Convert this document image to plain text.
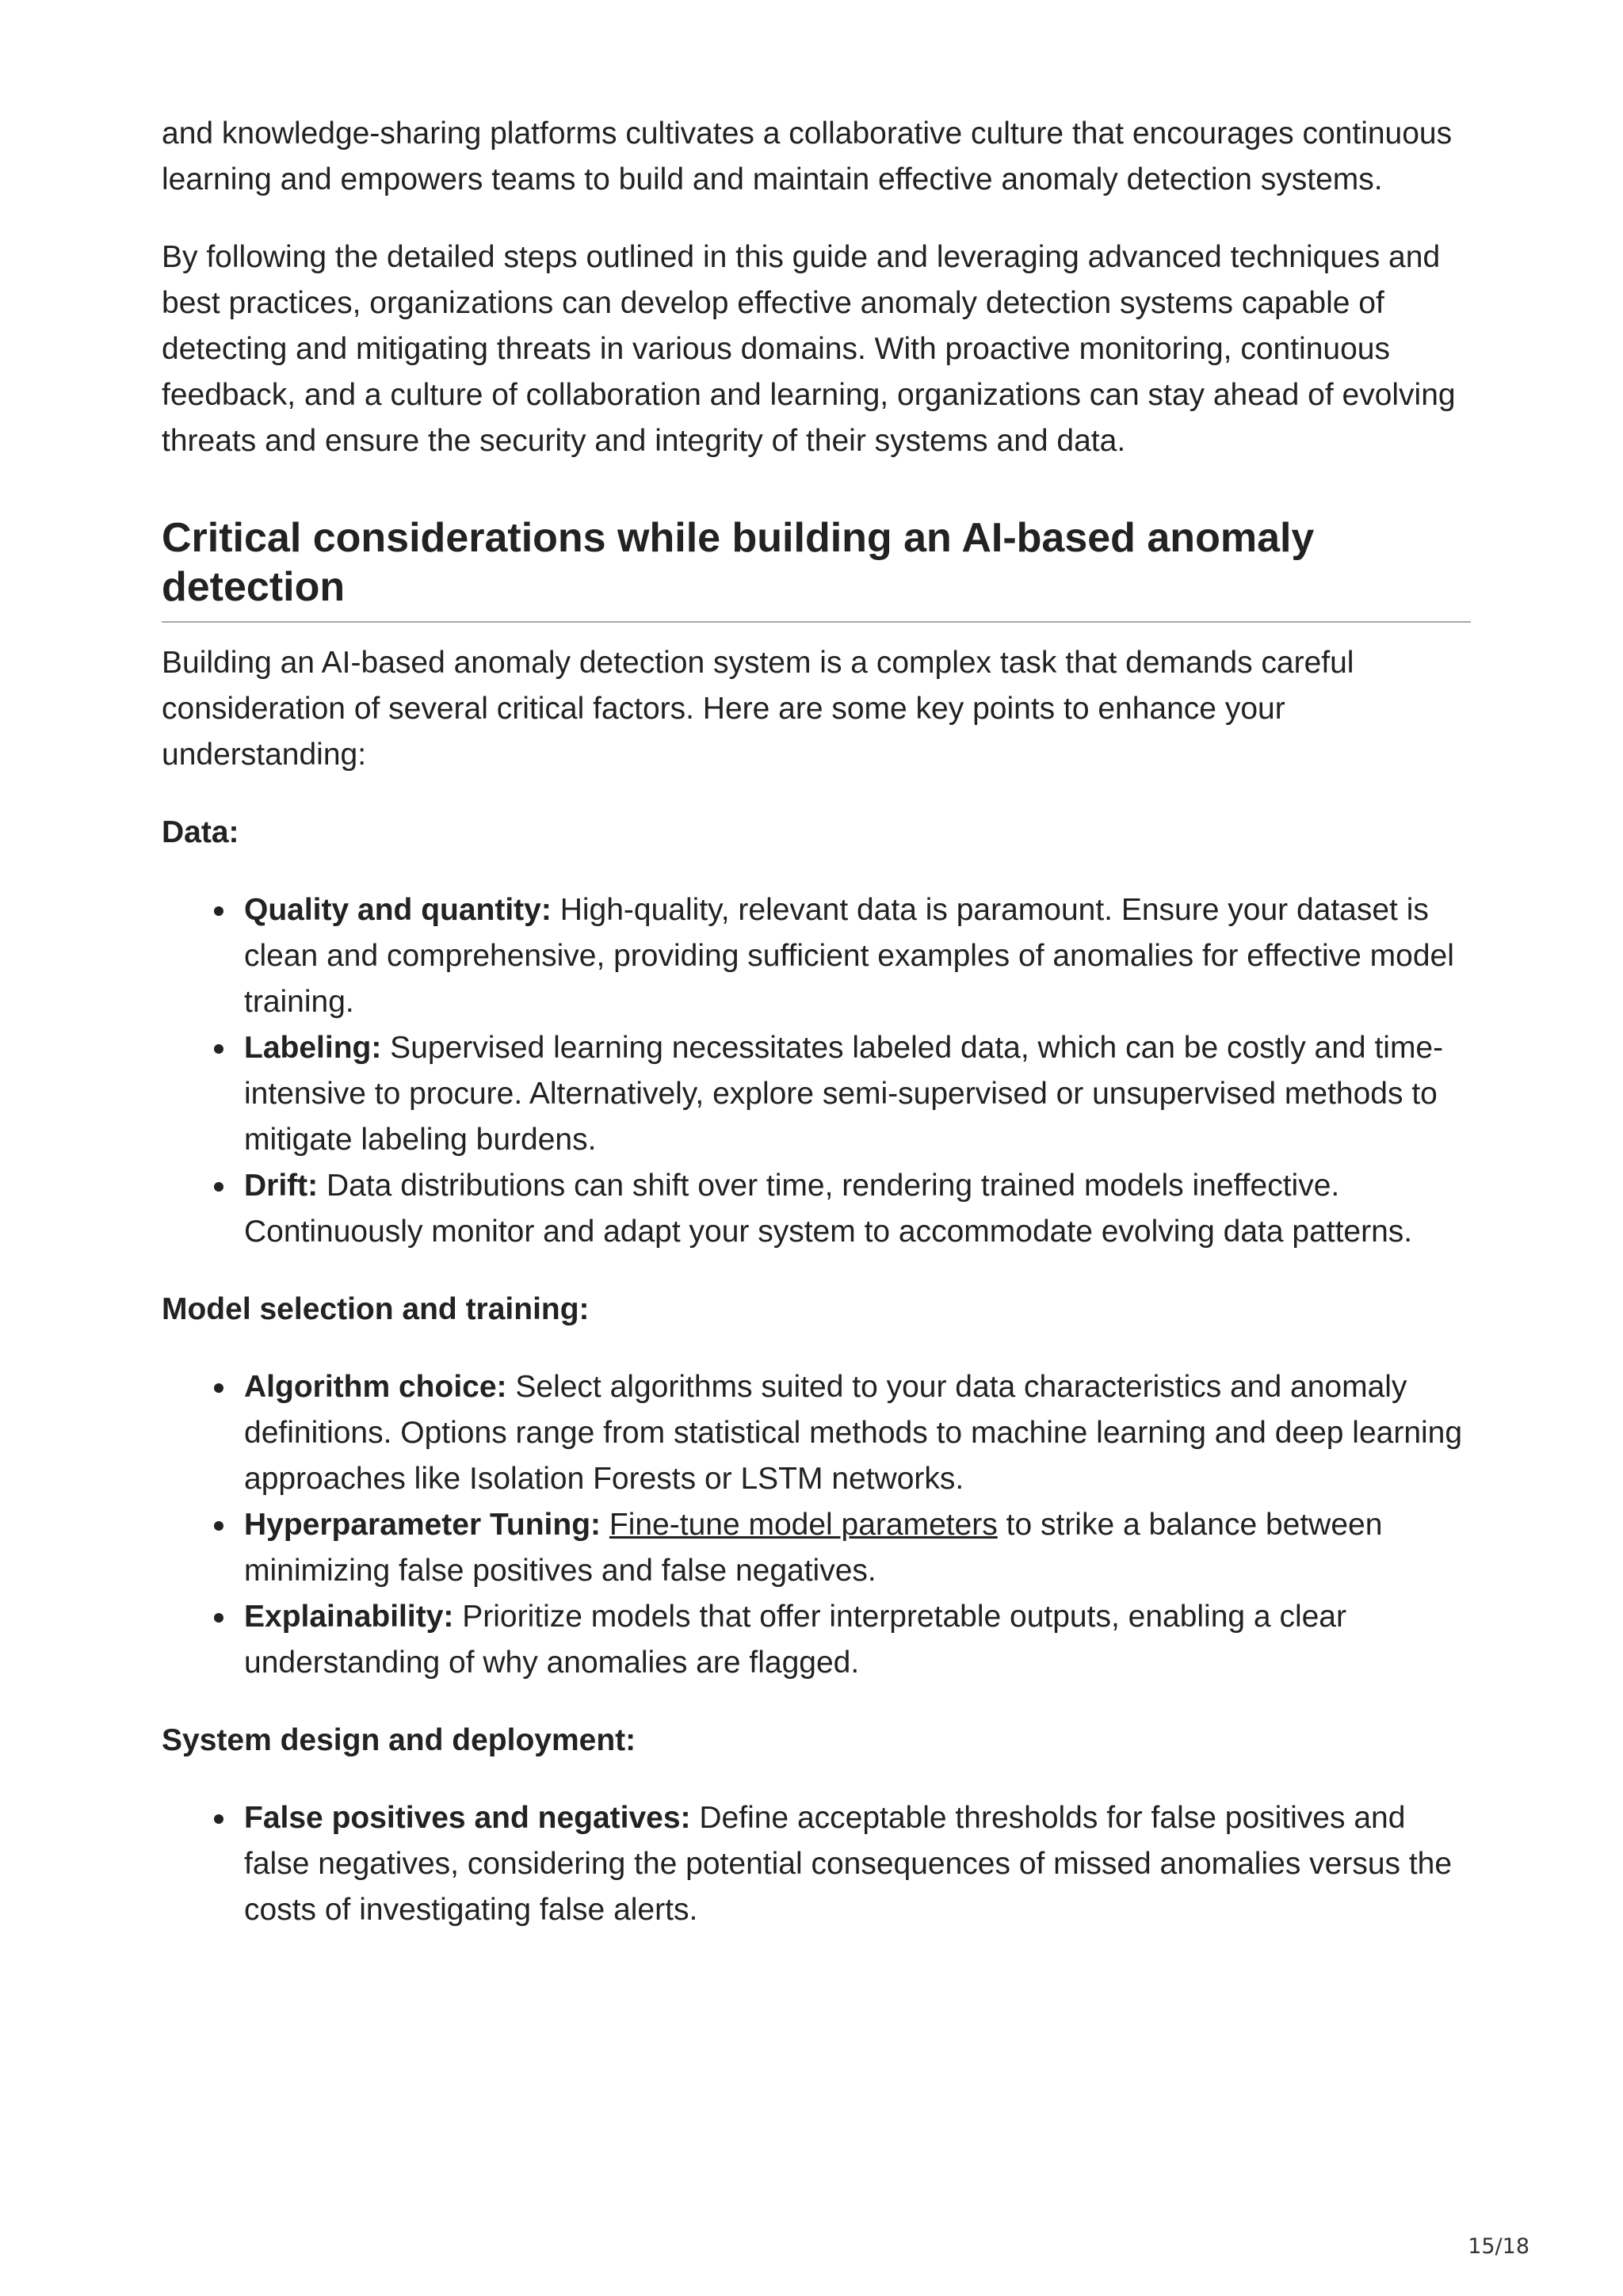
and knowledge-sharing platforms cultivates a collaborative culture that encourages continuous learning and empowers teams to build and maintain effective anomaly detection systems.

By following the detailed steps outlined in this guide and leveraging advanced techniques and best practices, organizations can develop effective anomaly detection systems capable of detecting and mitigating threats in various domains. With proactive monitoring, continuous feedback, and a culture of collaboration and learning, organizations can stay ahead of evolving threats and ensure the security and integrity of their systems and data.

Critical considerations while building an AI-based anomaly detection

Building an AI-based anomaly detection system is a complex task that demands careful consideration of several critical factors. Here are some key points to enhance your understanding:

Data:
Quality and quantity: High-quality, relevant data is paramount. Ensure your dataset is clean and comprehensive, providing sufficient examples of anomalies for effective model training.
Labeling: Supervised learning necessitates labeled data, which can be costly and time-intensive to procure. Alternatively, explore semi-supervised or unsupervised methods to mitigate labeling burdens.
Drift: Data distributions can shift over time, rendering trained models ineffective. Continuously monitor and adapt your system to accommodate evolving data patterns.
Model selection and training:
Algorithm choice: Select algorithms suited to your data characteristics and anomaly definitions. Options range from statistical methods to machine learning and deep learning approaches like Isolation Forests or LSTM networks.
Hyperparameter Tuning: Fine-tune model parameters to strike a balance between minimizing false positives and false negatives.
Explainability: Prioritize models that offer interpretable outputs, enabling a clear understanding of why anomalies are flagged.
System design and deployment:
False positives and negatives: Define acceptable thresholds for false positives and false negatives, considering the potential consequences of missed anomalies versus the costs of investigating false alerts.
15/18
